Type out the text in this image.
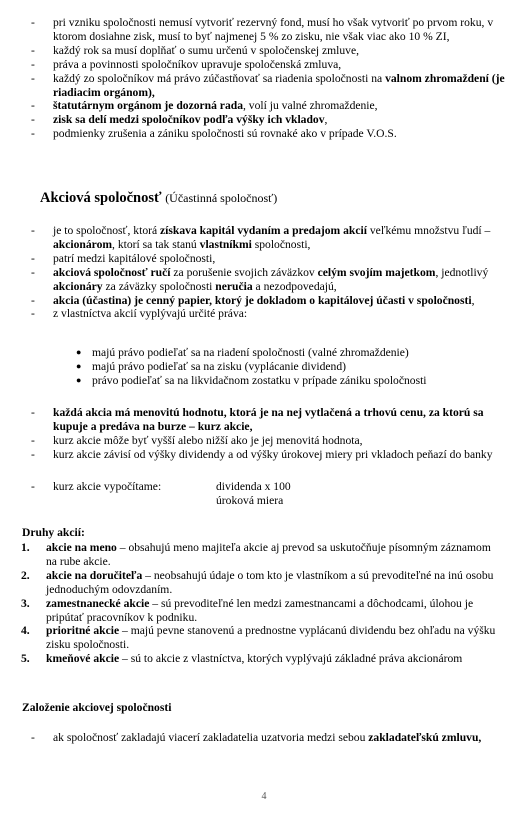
- pri vzniku spoločnosti nemusí vytvoriť rezervný fond, musí ho však vytvoriť po prvom roku, v ktorom dosiahne zisk, musí to byť najmenej 5 % zo zisku, nie však viac ako 10 % ZI,
- každý rok sa musí doplňať o sumu určenú v spoločenskej zmluve,
- práva a povinnosti spoločníkov upravuje spoločenská zmluva,
- každý zo spoločníkov má právo zúčastňovať sa riadenia spoločnosti na valnom zhromaždení (je riadiacim orgánom),
- štatutárnym orgánom je dozorná rada, volí ju valné zhromaždenie,
- zisk sa delí medzi spoločníkov podľa výšky ich vkladov,
- podmienky zrušenia a zániku spoločnosti sú rovnaké ako v prípade V.O.S.
Akciová spoločnosť (Účastinná spoločnosť)
- je to spoločnosť, ktorá získava kapitál vydaním a predajom akcií veľkému množstvu ľudí – akcionárom, ktorí sa tak stanú vlastníkmi spoločnosti,
- patrí medzi kapitálové spoločnosti,
- akciová spoločnosť ručí za porušenie svojich záväzkov celým svojím majetkom, jednotlivý akcionáry za záväzky spoločnosti neručia a nezodpovedajú,
- akcia (účastina) je cenný papier, ktorý je dokladom o kapitálovej účasti v spoločnosti,
- z vlastníctva akcií vyplývajú určité práva:
● majú právo podieľať sa na riadení spoločnosti (valné zhromaždenie)
● majú právo podieľať sa na zisku (vyplácanie dividend)
● právo podieľať sa na likvidačnom zostatku v prípade zániku spoločnosti
- každá akcia má menovitú hodnotu, ktorá je na nej vytlačená a trhovú cenu, za ktorú sa kupuje a predáva na burze – kurz akcie,
- kurz akcie môže byť vyšší alebo nižší ako je jej menovitá hodnota,
- kurz akcie závisí od výšky dividendy a od výšky úrokovej miery pri vkladoch peňazí do banky
- kurz akcie vypočítame:	dividenda x 100
úroková miera
Druhy akcií:
1. akcie na meno – obsahujú meno majiteľa akcie aj prevod sa uskutočňuje písomným záznamom na rube akcie.
2. akcie na doručiteľa – neobsahujú údaje o tom kto je vlastníkom a sú prevoditeľné na inú osobu jednoduchým odovzdaním.
3. zamestnanecké akcie – sú prevoditeľné len medzi zamestnancami a dôchodcami, úlohou je pripútať pracovníkov k podniku.
4. prioritné akcie – majú pevne stanovenú a prednostne vyplácanú dividendu bez ohľadu na výšku zisku spoločnosti.
5. kmeňové akcie – sú to akcie z vlastníctva, ktorých vyplývajú základné práva akcionárom
Založenie akciovej spoločnosti
- ak spoločnosť zakladajú viacerí zakladatelia uzatvoria medzi sebou zakladateľskú zmluvu,
4
